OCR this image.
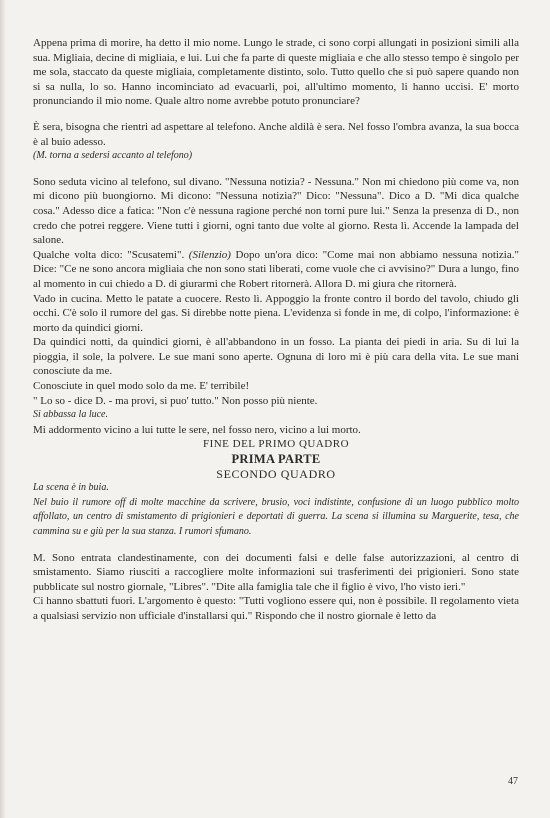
Appena prima di morire, ha detto il mio nome. Lungo le strade, ci sono corpi allungati in posizioni simili alla sua. Migliaia, decine di migliaia, e lui. Lui che fa parte di queste migliaia e che allo stesso tempo è singolo per me sola, staccato da queste migliaia, completamente distinto, solo. Tutto quello che si può sapere quando non si sa nulla, lo so. Hanno incominciato ad evacuarli, poi, all'ultimo momento, li hanno uccisi. E' morto pronunciando il mio nome. Quale altro nome avrebbe potuto pronunciare?

È sera, bisogna che rientri ad aspettare al telefono. Anche aldilà è sera. Nel fosso l'ombra avanza, la sua bocca è al buio adesso.

(M. torna a sedersi accanto al telefono)

Sono seduta vicino al telefono, sul divano. "Nessuna notizia? - Nessuna." Non mi chiedono più come va, non mi dicono più buongiorno. Mi dicono: "Nessuna notizia?" Dico: "Nessuna". Dico a D. "Mi dica qualche cosa." Adesso dice a fatica: "Non c'è nessuna ragione perché non torni pure lui." Senza la presenza di D., non credo che potrei reggere. Viene tutti i giorni, ogni tanto due volte al giorno. Resta lì. Accende la lampada del salone.

Qualche volta dico: "Scusatemi". (Silenzio) Dopo un'ora dico: "Come mai non abbiamo nessuna notizia." Dice: "Ce ne sono ancora migliaia che non sono stati liberati, come vuole che ci avvisino?" Dura a lungo, fino al momento in cui chiedo a D. di giurarmi che Robert ritornerà. Allora D. mi giura che ritornerà.

Vado in cucina. Metto le patate a cuocere. Resto lì. Appoggio la fronte contro il bordo del tavolo, chiudo gli occhi. C'è solo il rumore del gas. Si direbbe notte piena. L'evidenza si fonde in me, di colpo, l'informazione: è morto da quindici giorni.

Da quindici notti, da quindici giorni, è all'abbandono in un fosso. La pianta dei piedi in aria. Su di lui la pioggia, il sole, la polvere. Le sue mani sono aperte. Ognuna di loro mi è più cara della vita. Le sue mani conosciute da me.

Conosciute in quel modo solo da me. E' terribile!

" Lo so - dice D. - ma provi, si puo' tutto." Non posso più niente.

Si abbassa la luce.

Mi addormento vicino a lui tutte le sere, nel fosso nero, vicino a lui morto.

FINE DEL PRIMO QUADRO

PRIMA PARTE

SECONDO QUADRO

La scena è in buia.

Nel buio il rumore off di molte macchine da scrivere, brusio, voci indistinte, confusione di un luogo pubblico molto affollato, un centro di smistamento di prigionieri e deportati di guerra. La scena si illumina su Marguerite, tesa, che cammina su e giù per la sua stanza. I rumori sfumano.

M. Sono entrata clandestinamente, con dei documenti falsi e delle false autorizzazioni, al centro di smistamento. Siamo riusciti a raccogliere molte informazioni sui trasferimenti dei prigionieri. Sono state pubblicate sul nostro giornale, "Libres". "Dite alla famiglia tale che il figlio è vivo, l'ho visto ieri."

Ci hanno sbattuti fuori. L'argomento è questo: "Tutti vogliono essere qui, non è possibile. Il regolamento vieta a qualsiasi servizio non ufficiale d'installarsi qui." Rispondo che il nostro giornale è letto da

47
